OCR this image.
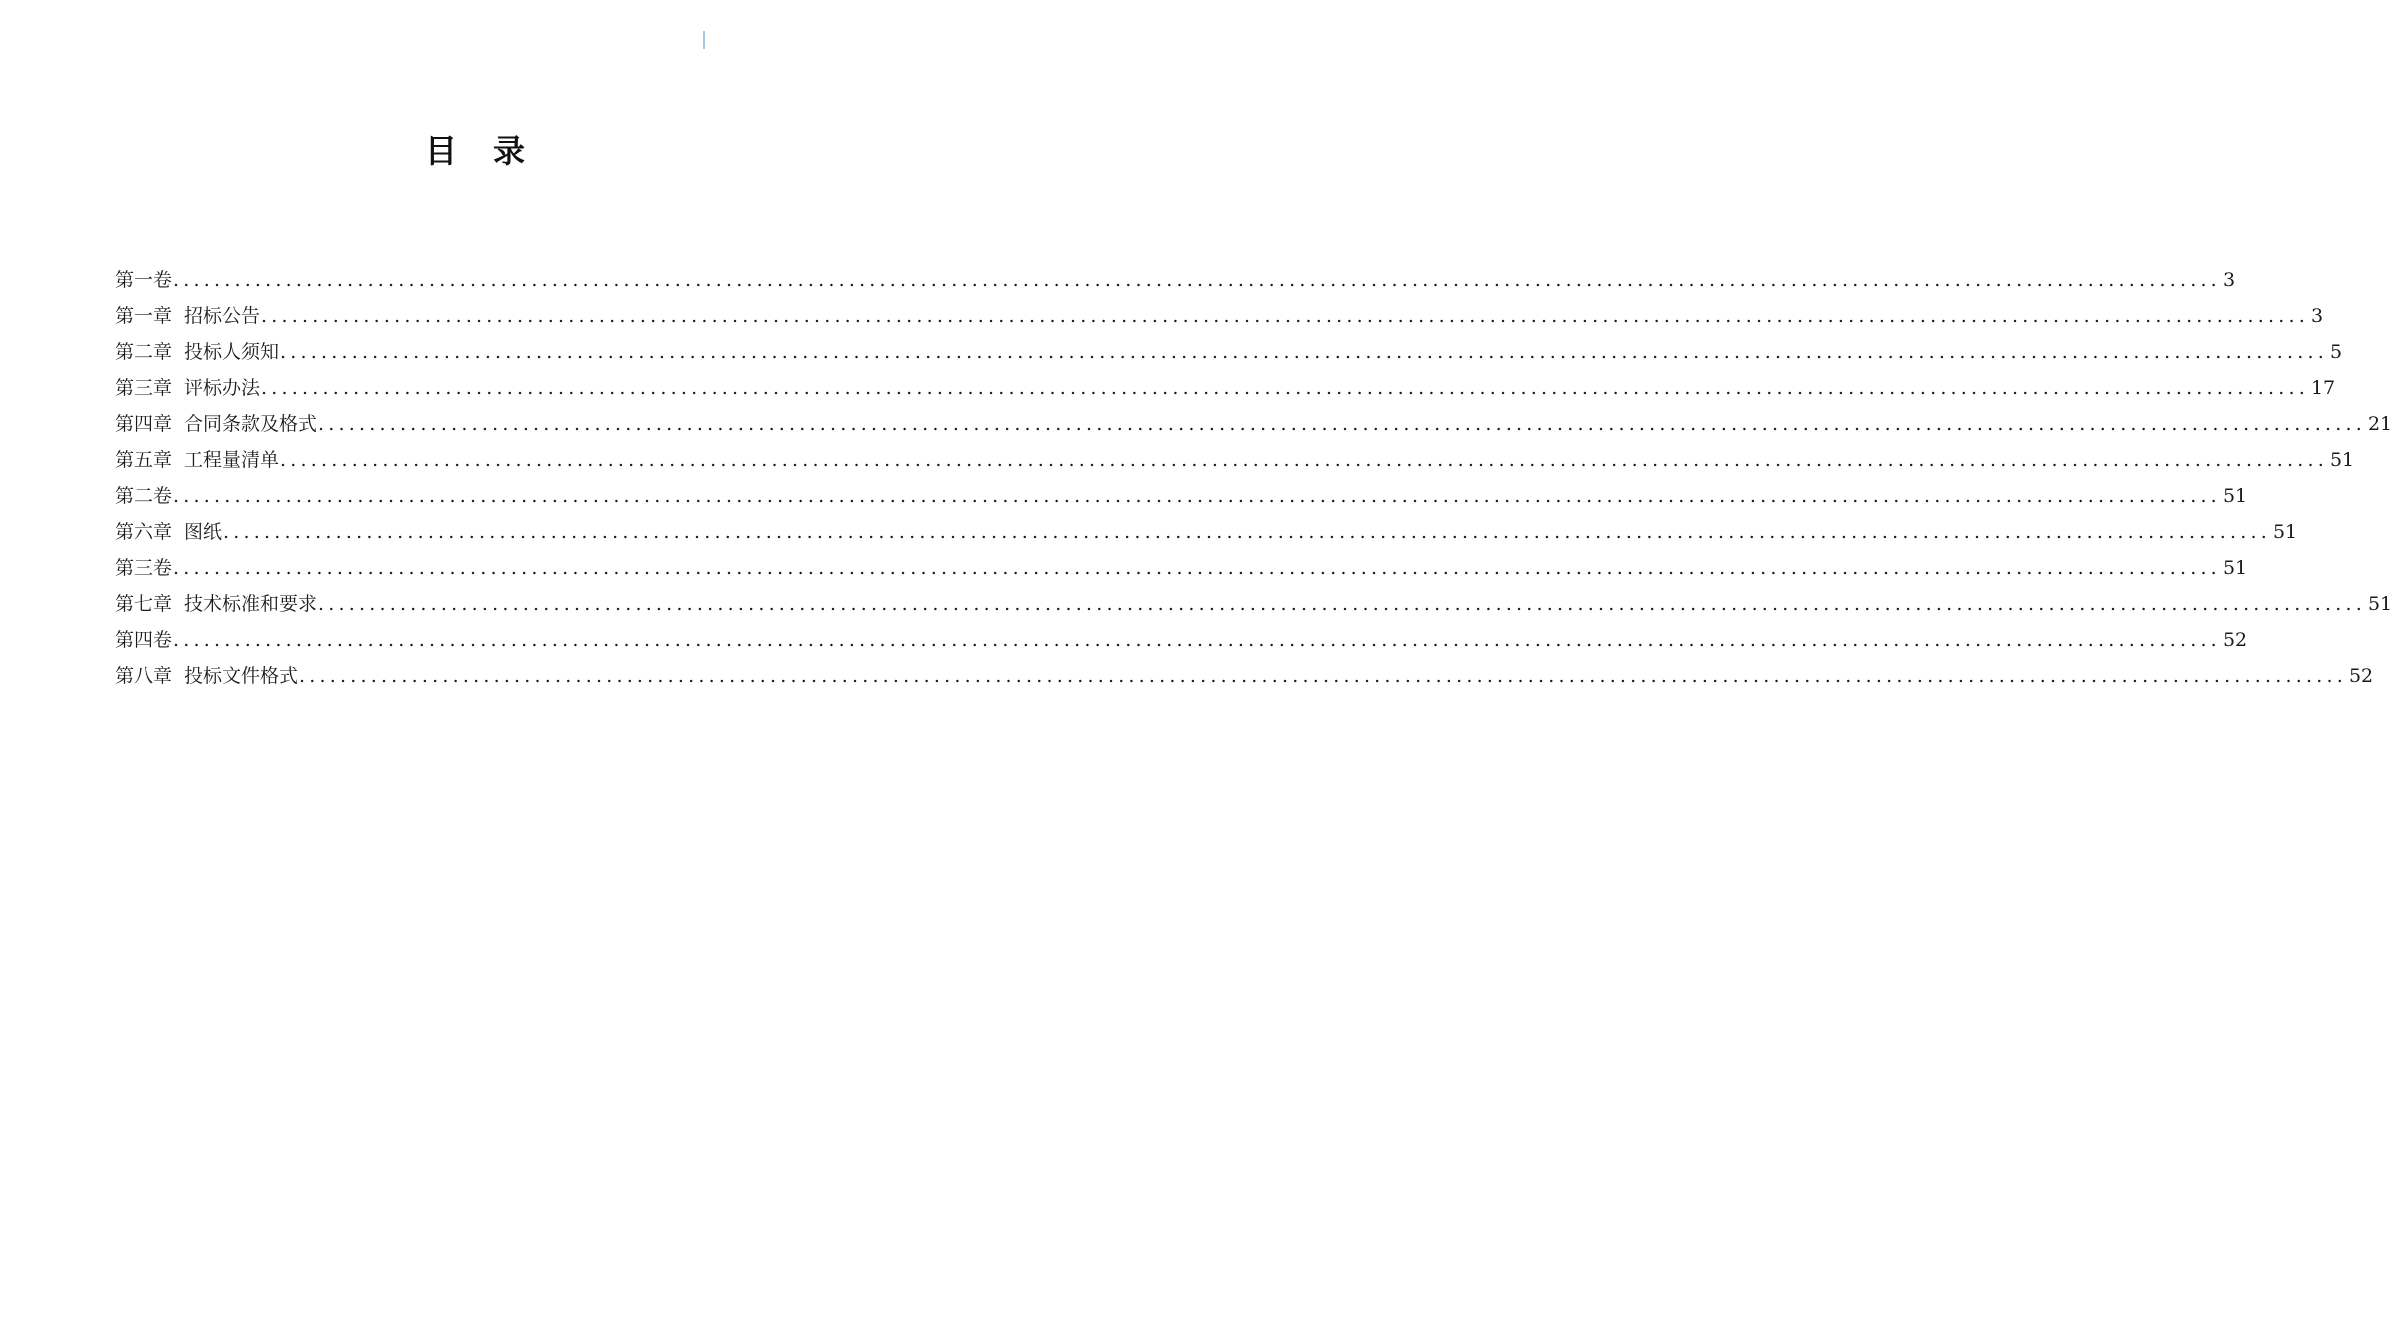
目 录
第一卷 ........................................................................................................................................................................................................ 3
第一章 招标公告 ........................................................................................................................................................................................................ 3
第二章 投标人须知 ........................................................................................................................................................................................................ 5
第三章 评标办法 ........................................................................................................................................................................................................ 17
第四章 合同条款及格式 ........................................................................................................................................................................................................ 21
第五章 工程量清单 ........................................................................................................................................................................................................ 51
第二卷 ........................................................................................................................................................................................................ 51
第六章 图纸 ........................................................................................................................................................................................................ 51
第三卷 ........................................................................................................................................................................................................ 51
第七章 技术标准和要求 ........................................................................................................................................................................................................ 51
第四卷 ........................................................................................................................................................................................................ 52
第八章 投标文件格式 ........................................................................................................................................................................................................ 52
